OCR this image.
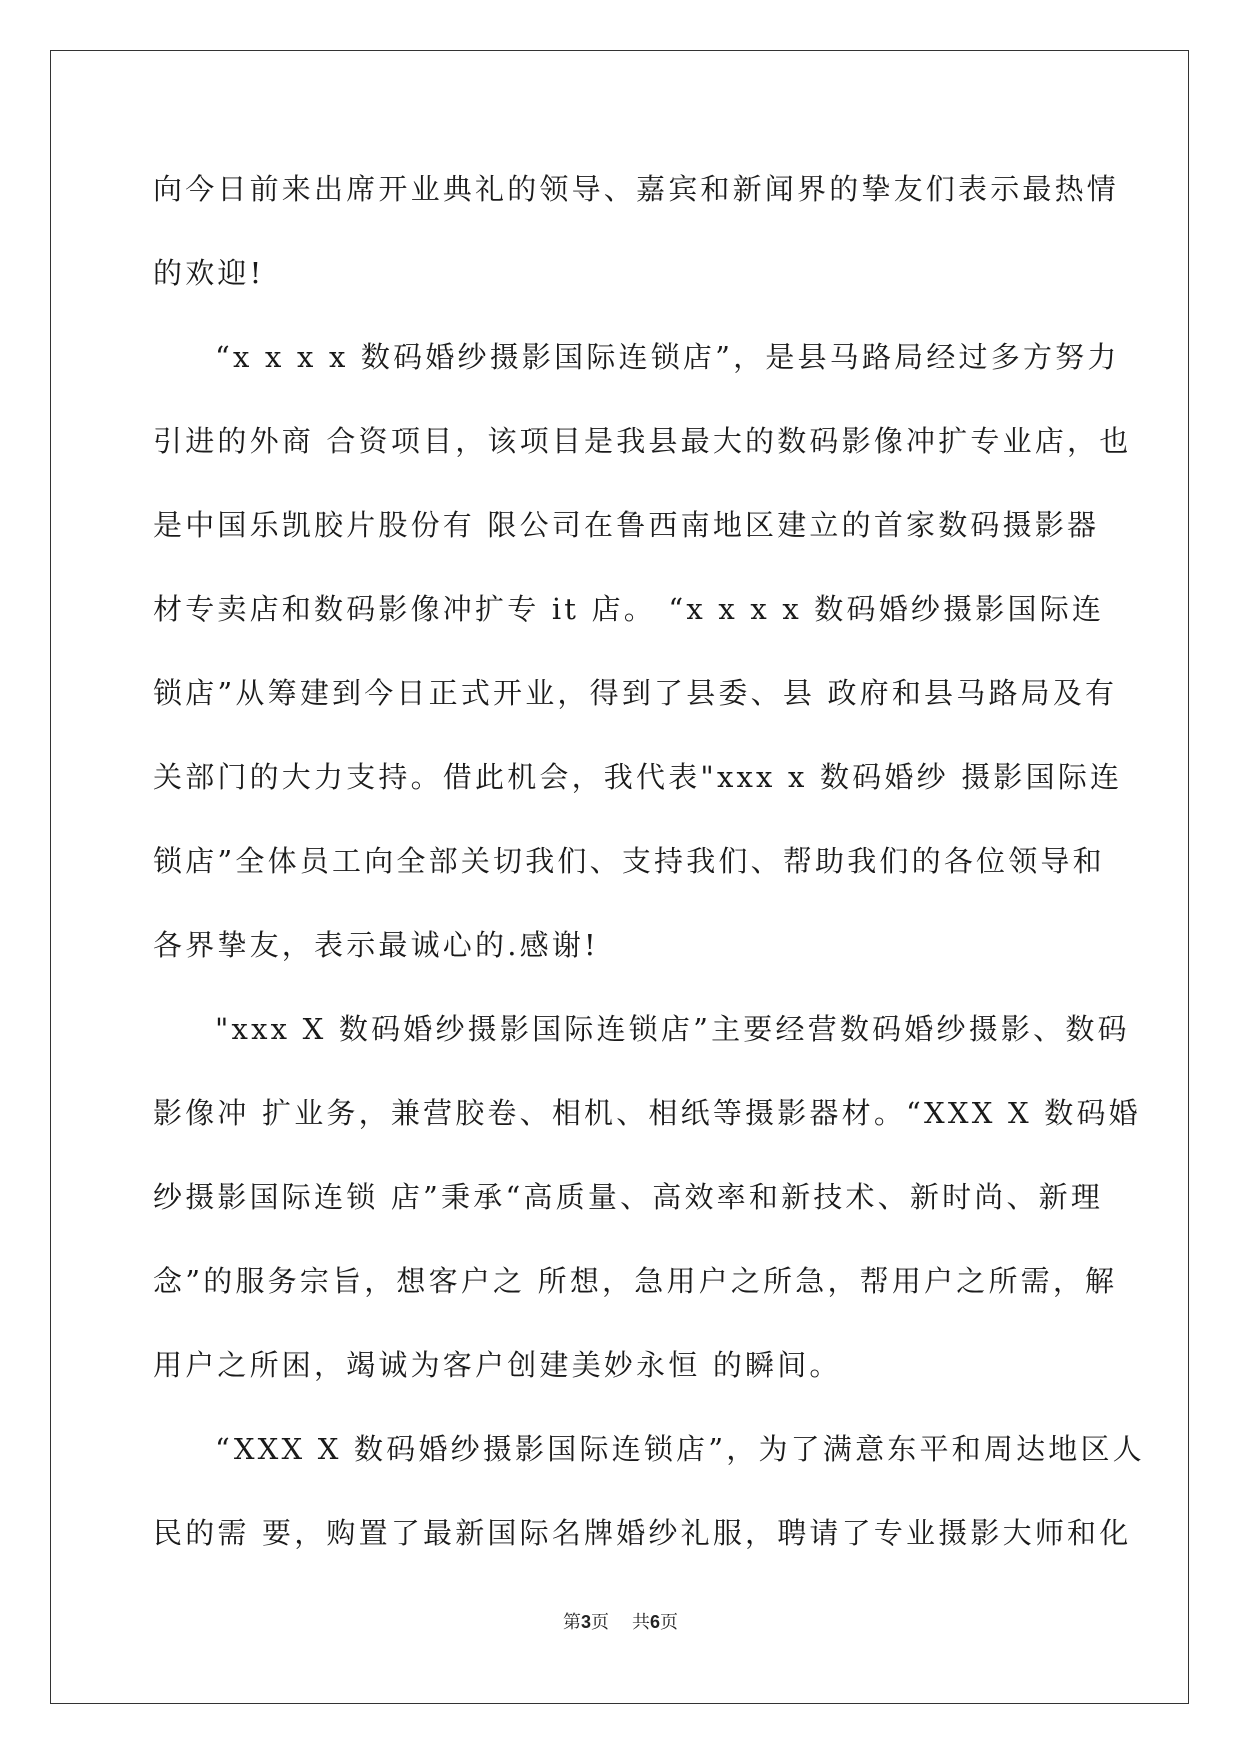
向今日前来出席开业典礼的领导、嘉宾和新闻界的挚友们表示最热情
的欢迎!
“x x x x 数码婚纱摄影国际连锁店”，是县马路局经过多方努力
引进的外商 合资项目，该项目是我县最大的数码影像冲扩专业店，也
是中国乐凯胶片股份有 限公司在鲁西南地区建立的首家数码摄影器
材专卖店和数码影像冲扩专 it 店。 “x x x x 数码婚纱摄影国际连
锁店”从筹建到今日正式开业，得到了县委、县 政府和县马路局及有
关部门的大力支持。借此机会，我代表"xxx x 数码婚纱 摄影国际连
锁店”全体员工向全部关切我们、支持我们、帮助我们的各位领导和
各界挚友，表示最诚心的.感谢!
"xxx X 数码婚纱摄影国际连锁店”主要经营数码婚纱摄影、数码
影像冲 扩业务，兼营胶卷、相机、相纸等摄影器材。“XXX X 数码婚
纱摄影国际连锁 店”秉承“高质量、高效率和新技术、新时尚、新理
念”的服务宗旨，想客户之 所想，急用户之所急，帮用户之所需，解
用户之所困，竭诚为客户创建美妙永恒 的瞬间。
“XXX X 数码婚纱摄影国际连锁店”，为了满意东平和周达地区人
民的需 要，购置了最新国际名牌婚纱礼服，聘请了专业摄影大师和化
第3页 共6页
